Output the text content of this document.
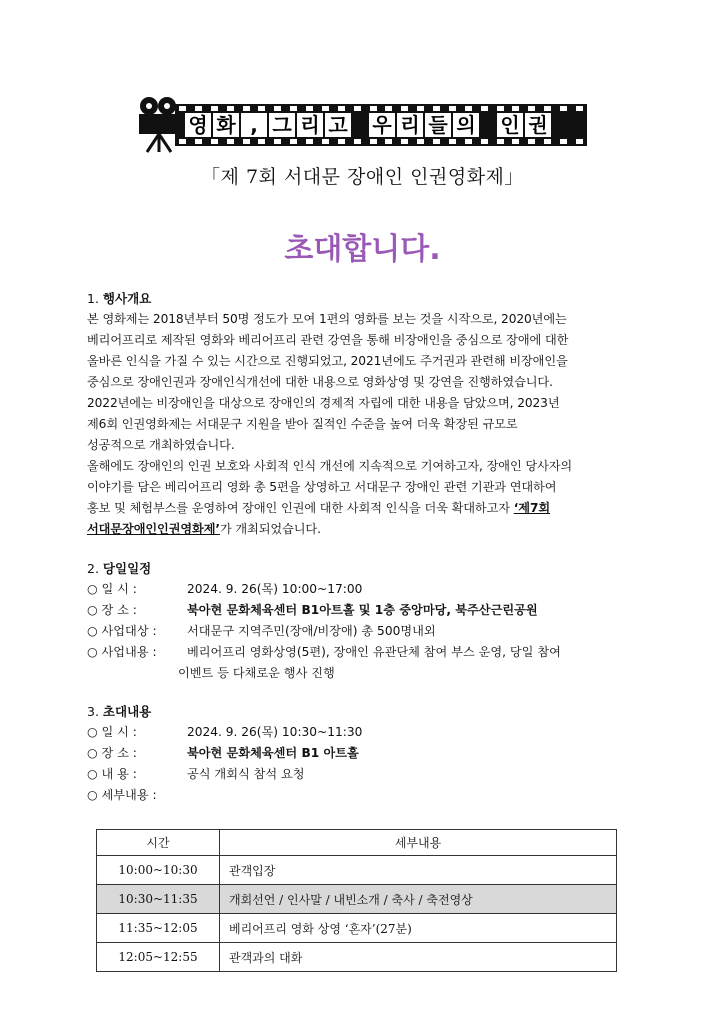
영 화 , 그 리 고 우 리 들 의 인 권
「제 7회 서대문 장애인 인권영화제」
초대합니다.
1. 행사개요
본 영화제는 2018년부터 50명 정도가 모여 1편의 영화를 보는 것을 시작으로, 2020년에는
베리어프리로 제작된 영화와 베리어프리 관련 강연을 통해 비장애인을 중심으로 장애에 대한
올바른 인식을 가질 수 있는 시간으로 진행되었고, 2021년에도 주거권과 관련해 비장애인을
중심으로 장애인권과 장애인식개선에 대한 내용으로 영화상영 및 강연을 진행하였습니다.
2022년에는 비장애인을 대상으로 장애인의 경제적 자립에 대한 내용을 담았으며, 2023년
제6회 인권영화제는 서대문구 지원을 받아 질적인 수준을 높여 더욱 확장된 규모로
성공적으로 개최하였습니다.
올해에도 장애인의 인권 보호와 사회적 인식 개선에 지속적으로 기여하고자, 장애인 당사자의
이야기를 담은 베리어프리 영화 총 5편을 상영하고 서대문구 장애인 관련 기관과 연대하여
홍보 및 체험부스를 운영하여 장애인 인권에 대한 사회적 인식을 더욱 확대하고자 ‘제7회
서대문장애인인권영화제’가 개최되었습니다.
2. 당일일정
○ 일 시 :	2024. 9. 26(목) 10:00~17:00
○ 장 소 :	북아현 문화체육센터 B1아트홀 및 1층 중앙마당, 북주산근린공원
○ 사업대상 :	서대문구 지역주민(장애/비장애) 총 500명내외
○ 사업내용 :	베리어프리 영화상영(5편), 장애인 유관단체 참여 부스 운영, 당일 참여
이벤트 등 다채로운 행사 진행
3. 초대내용
○ 일 시 :	2024. 9. 26(목) 10:30~11:30
○ 장 소 :	북아현 문화체육센터 B1 아트홀
○ 내 용 :	공식 개회식 참석 요청
○ 세부내용 :
시간	세부내용
10:00~10:30	관객입장
10:30~11:35	개회선언 / 인사말 / 내빈소개 / 축사 / 축전영상
11:35~12:05	베리어프리 영화 상영 ‘혼자’(27분)
12:05~12:55	관객과의 대화
